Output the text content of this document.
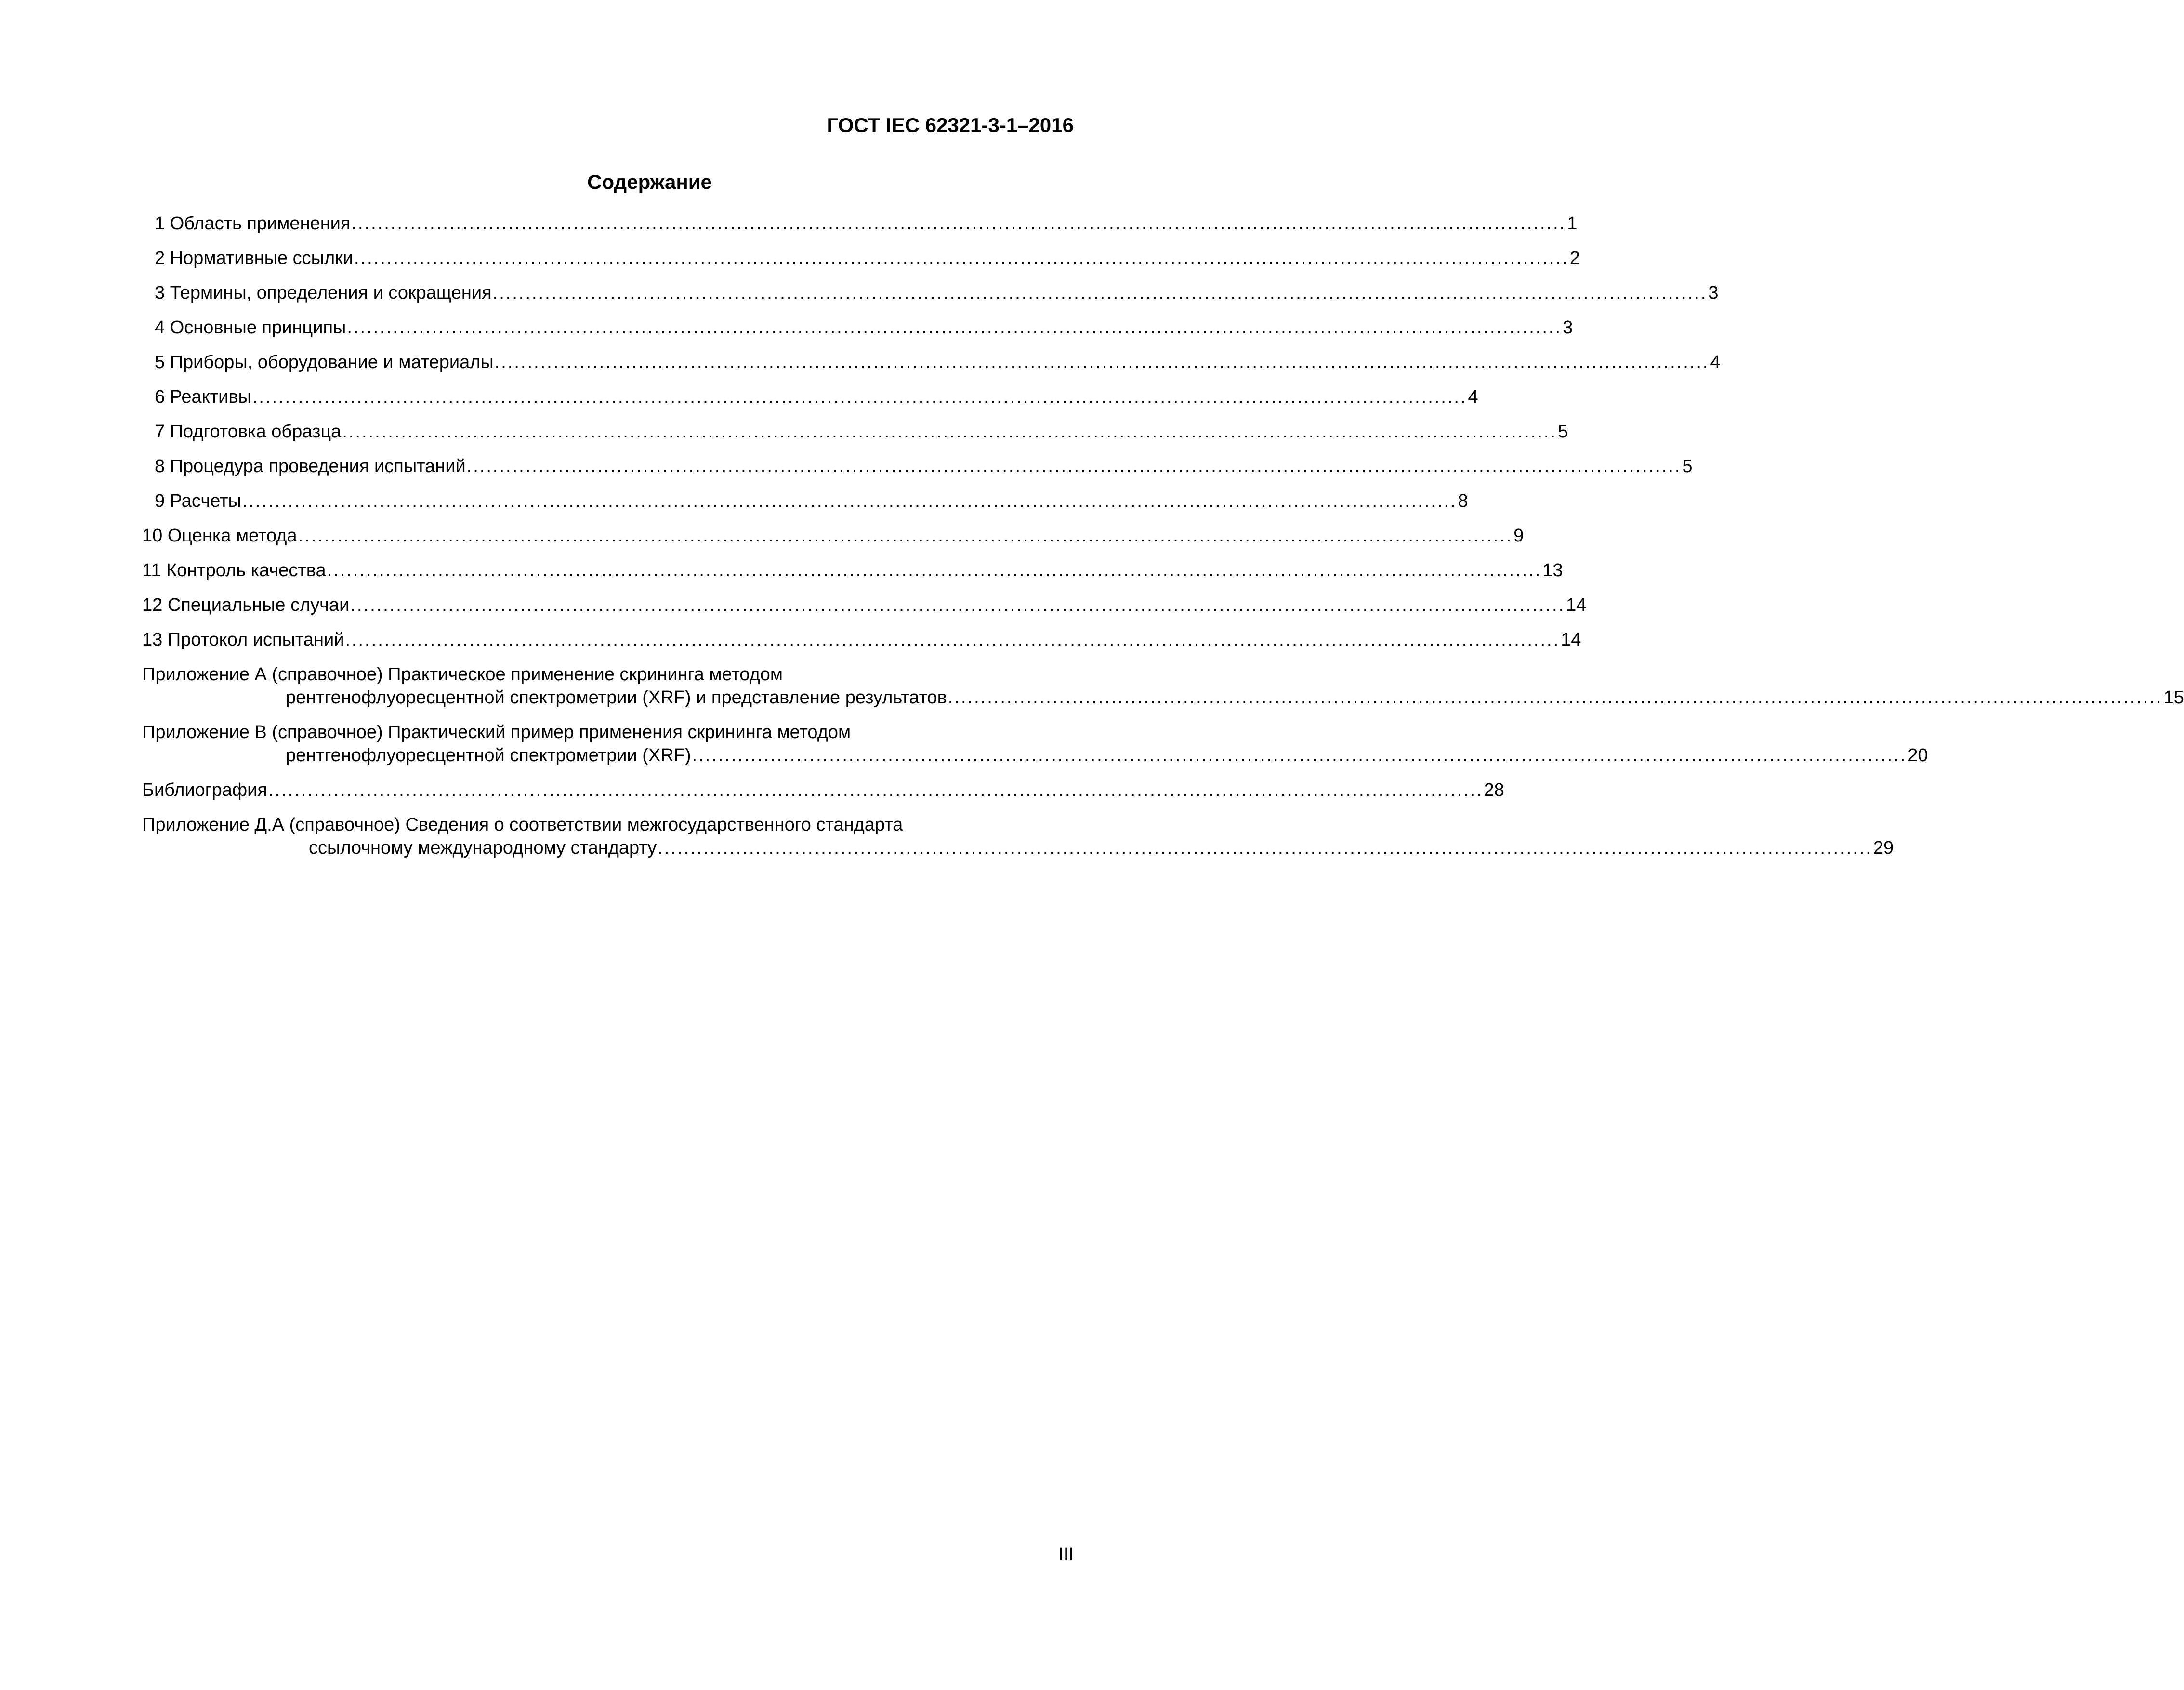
ГОСТ IEC 62321-3-1–2016
Содержание
1 Область применения .......................................................................................................................................................................................... 1
2 Нормативные ссылки .......................................................................................................................................................................................... 2
3 Термины, определения и сокращения .......................................................................................................................................................................................... 3
4 Основные принципы .......................................................................................................................................................................................... 3
5 Приборы, оборудование и материалы .......................................................................................................................................................................................... 4
6 Реактивы .......................................................................................................................................................................................... 4
7 Подготовка образца .......................................................................................................................................................................................... 5
8 Процедура проведения испытаний .......................................................................................................................................................................................... 5
9 Расчеты .......................................................................................................................................................................................... 8
10 Оценка метода .......................................................................................................................................................................................... 9
11 Контроль качества .......................................................................................................................................................................................... 13
12 Специальные случаи .......................................................................................................................................................................................... 14
13 Протокол испытаний .......................................................................................................................................................................................... 14
Приложение А (справочное) Практическое применение скрининга методом
рентгенофлуоресцентной спектрометрии (XRF) и представление результатов .......................................................................................................................................................................................... 15
Приложение В (справочное) Практический пример применения скрининга методом
рентгенофлуоресцентной спектрометрии (XRF) .......................................................................................................................................................................................... 20
Библиография .......................................................................................................................................................................................... 28
Приложение Д.А (справочное) Сведения о соответствии межгосударственного стандарта
ссылочному международному стандарту .......................................................................................................................................................................................... 29
III
